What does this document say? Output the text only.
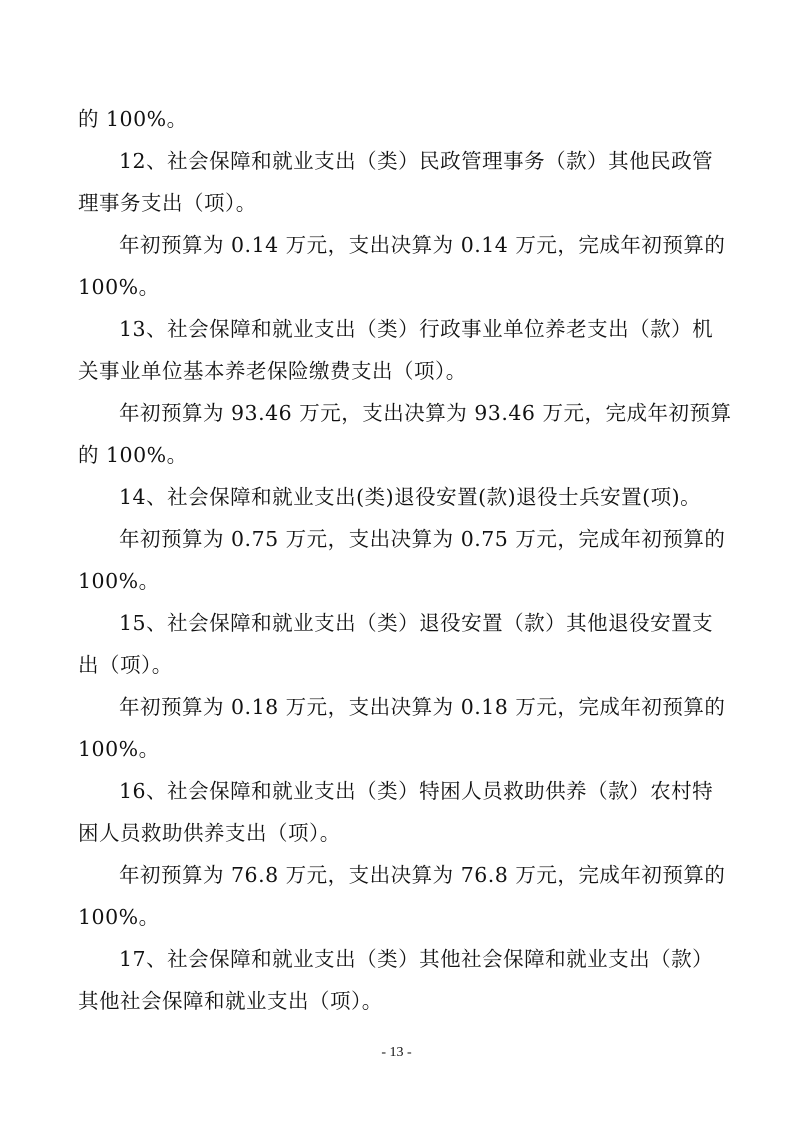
的 100%。

12、社会保障和就业支出（类）民政管理事务（款）其他民政管
理事务支出（项）。

年初预算为 0.14 万元，支出决算为 0.14 万元，完成年初预算的
100%。

13、社会保障和就业支出（类）行政事业单位养老支出（款）机
关事业单位基本养老保险缴费支出（项）。

年初预算为 93.46 万元，支出决算为 93.46 万元，完成年初预算
的 100%。

14、社会保障和就业支出(类)退役安置(款)退役士兵安置(项)。

年初预算为 0.75 万元，支出决算为 0.75 万元，完成年初预算的
100%。

15、社会保障和就业支出（类）退役安置（款）其他退役安置支
出（项）。

年初预算为 0.18 万元，支出决算为 0.18 万元，完成年初预算的
100%。

16、社会保障和就业支出（类）特困人员救助供养（款）农村特
困人员救助供养支出（项）。

年初预算为 76.8 万元，支出决算为 76.8 万元，完成年初预算的
100%。

17、社会保障和就业支出（类）其他社会保障和就业支出（款）
其他社会保障和就业支出（项）。

- 13 -
